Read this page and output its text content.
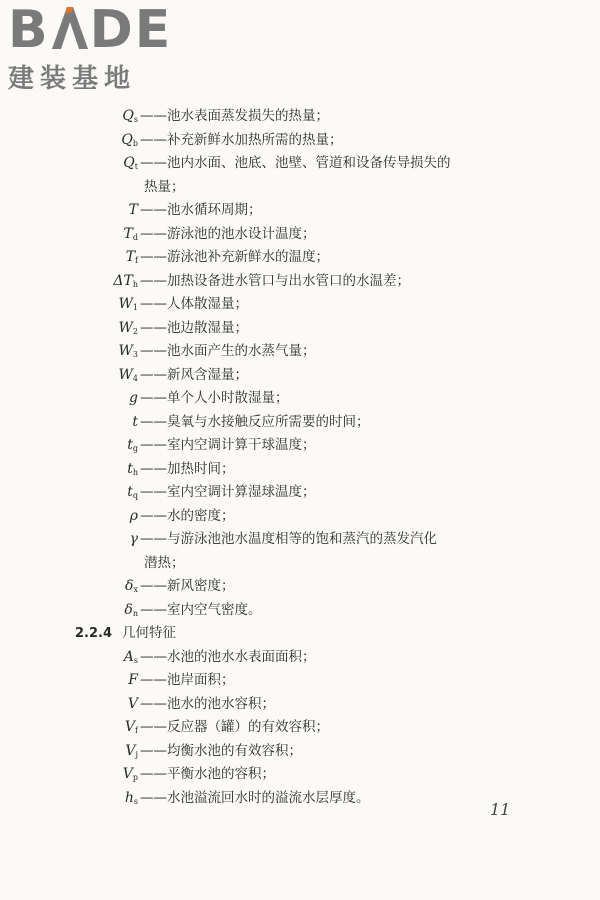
B DE
建装基地
$Q_s$ ——池水表面蒸发损失的热量；
$Q_b$ ——补充新鲜水加热所需的热量；
$Q_t$ ——池内水面、池底、池壁、管道和设备传导损失的
热量；
T ——池水循环周期；
$T_d$ ——游泳池的池水设计温度；
$T_f$ ——游泳池补充新鲜水的温度；
$\Delta T_h$ ——加热设备进水管口与出水管口的水温差；
$W_1$ ——人体散湿量；
$W_2$ ——池边散湿量；
$W_3$ ——池水面产生的水蒸气量；
$W_4$ ——新风含湿量；
g ——单个人小时散湿量；
t ——臭氧与水接触反应所需要的时间；
$t_g$ ——室内空调计算干球温度；
$t_h$ ——加热时间；
$t_q$ ——室内空调计算湿球温度；
ρ ——水的密度；
γ ——与游泳池池水温度相等的饱和蒸汽的蒸发汽化
潜热；
$\delta_x$ ——新风密度；
$\delta_n$ ——室内空气密度。
2.2.4 几何特征
$A_s$ ——水池的池水水表面面积；
F ——池岸面积；
V ——池水的池水容积；
$V_f$ ——反应器（罐）的有效容积；
$V_j$ ——均衡水池的有效容积；
$V_p$ ——平衡水池的容积；
$h_s$ ——水池溢流回水时的溢流水层厚度。
11
